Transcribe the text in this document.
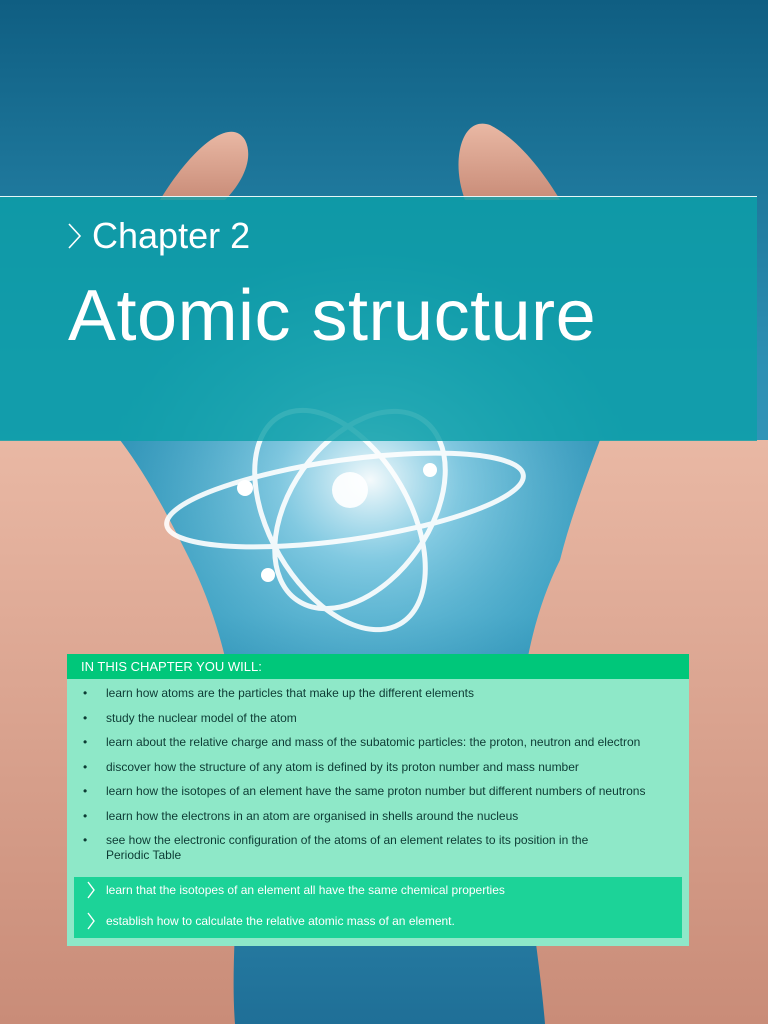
Chapter 2
Atomic structure
IN THIS CHAPTER YOU WILL:
• learn how atoms are the particles that make up the different elements
• study the nuclear model of the atom
• learn about the relative charge and mass of the subatomic particles: the proton, neutron and electron
• discover how the structure of any atom is defined by its proton number and mass number
• learn how the isotopes of an element have the same proton number but different numbers of neutrons
• learn how the electrons in an atom are organised in shells around the nucleus
• see how the electronic configuration of the atoms of an element relates to its position in the Periodic Table
learn that the isotopes of an element all have the same chemical properties
establish how to calculate the relative atomic mass of an element.
